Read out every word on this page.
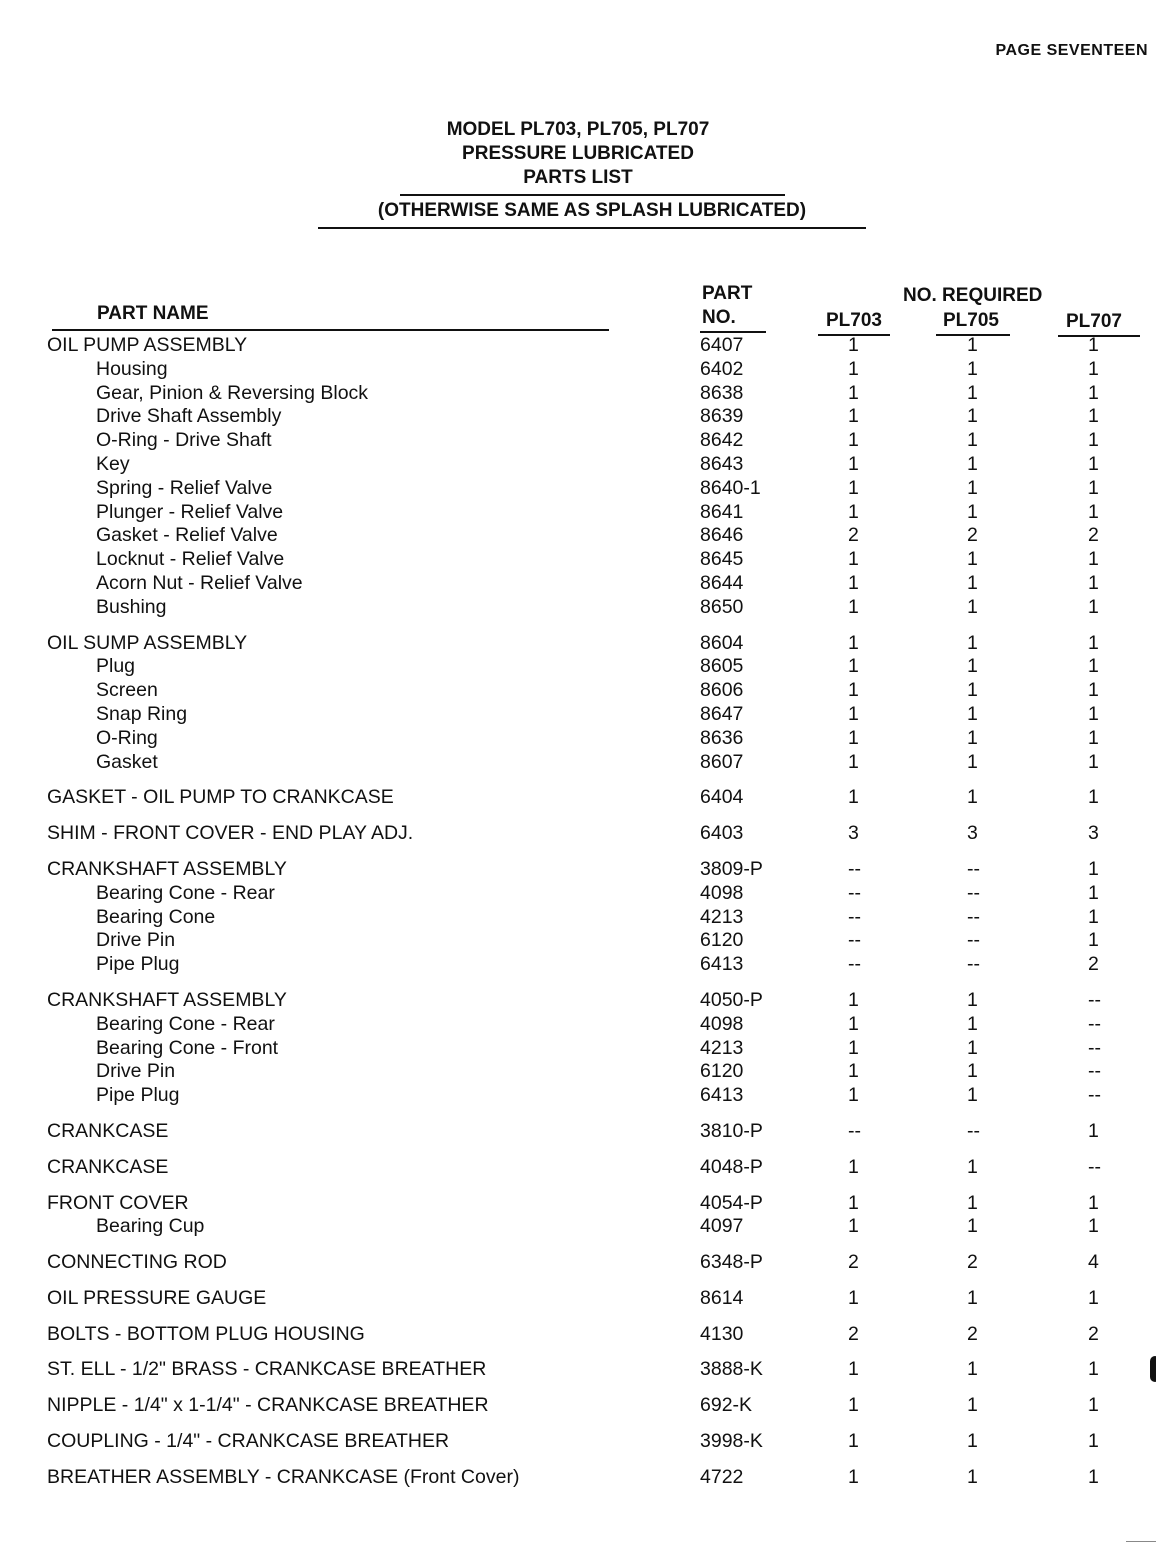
PAGE SEVENTEEN
MODEL PL703, PL705, PL707
PRESSURE LUBRICATED
PARTS LIST
(OTHERWISE SAME AS SPLASH LUBRICATED)
PART NAME
PART
NO.
NO. REQUIRED
PL703	PL705	PL707
OIL PUMP ASSEMBLY	6407	1	1	1
Housing	6402	1	1	1
Gear, Pinion & Reversing Block	8638	1	1	1
Drive Shaft Assembly	8639	1	1	1
O-Ring - Drive Shaft	8642	1	1	1
Key	8643	1	1	1
Spring - Relief Valve	8640-1	1	1	1
Plunger - Relief Valve	8641	1	1	1
Gasket - Relief Valve	8646	2	2	2
Locknut - Relief Valve	8645	1	1	1
Acorn Nut - Relief Valve	8644	1	1	1
Bushing	8650	1	1	1
OIL SUMP ASSEMBLY	8604	1	1	1
Plug	8605	1	1	1
Screen	8606	1	1	1
Snap Ring	8647	1	1	1
O-Ring	8636	1	1	1
Gasket	8607	1	1	1
GASKET - OIL PUMP TO CRANKCASE	6404	1	1	1
SHIM - FRONT COVER - END PLAY ADJ.	6403	3	3	3
CRANKSHAFT ASSEMBLY	3809-P	--	--	1
Bearing Cone - Rear	4098	--	--	1
Bearing Cone	4213	--	--	1
Drive Pin	6120	--	--	1
Pipe Plug	6413	--	--	2
CRANKSHAFT ASSEMBLY	4050-P	1	1	--
Bearing Cone - Rear	4098	1	1	--
Bearing Cone - Front	4213	1	1	--
Drive Pin	6120	1	1	--
Pipe Plug	6413	1	1	--
CRANKCASE	3810-P	--	--	1
CRANKCASE	4048-P	1	1	--
FRONT COVER	4054-P	1	1	1
Bearing Cup	4097	1	1	1
CONNECTING ROD	6348-P	2	2	4
OIL PRESSURE GAUGE	8614	1	1	1
BOLTS - BOTTOM PLUG HOUSING	4130	2	2	2
ST. ELL - 1/2" BRASS - CRANKCASE BREATHER	3888-K	1	1	1
NIPPLE - 1/4" x 1-1/4" - CRANKCASE BREATHER	692-K	1	1	1
COUPLING - 1/4" - CRANKCASE BREATHER	3998-K	1	1	1
BREATHER ASSEMBLY - CRANKCASE (Front Cover)	4722	1	1	1
